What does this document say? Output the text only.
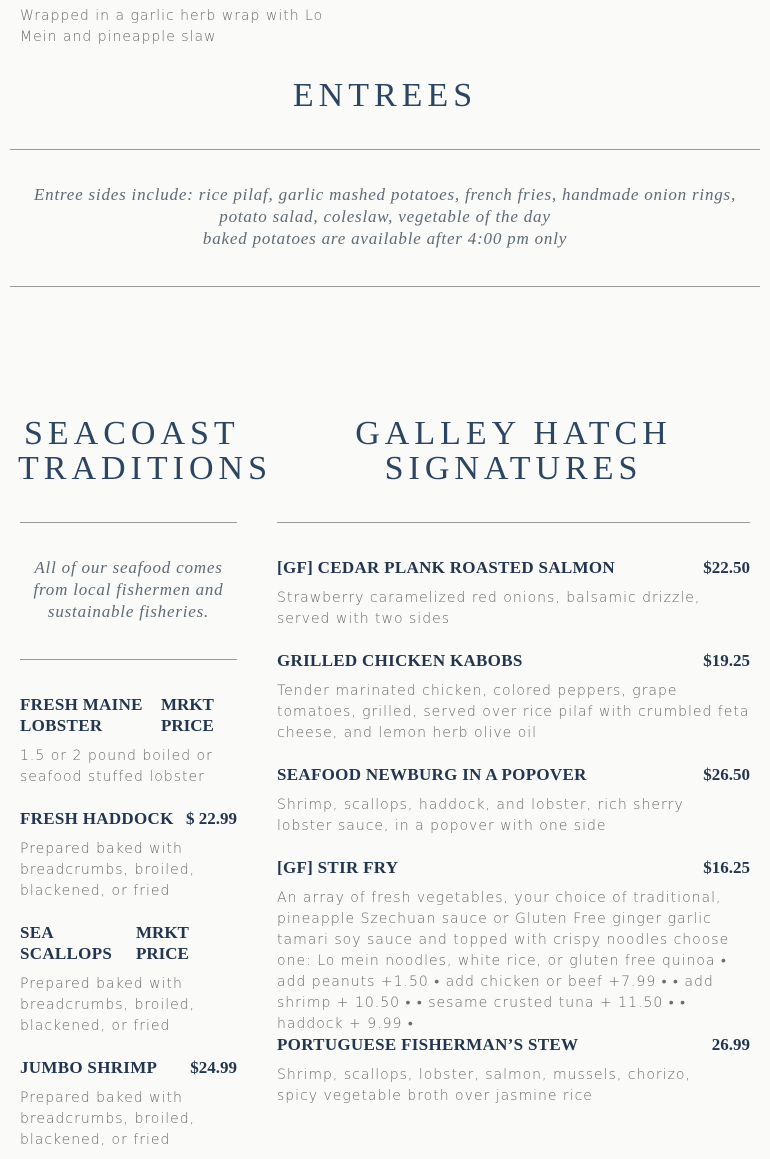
Wrapped in a garlic herb wrap with Lo Mein and pineapple slaw
ENTREES
Entree sides include: rice pilaf, garlic mashed potatoes, french fries, handmade onion rings, potato salad, coleslaw, vegetable of the day
baked potatoes are available after 4:00 pm only
SEACOAST
TRADITIONS
All of our seafood comes from local fishermen and sustainable fisheries.
FRESH MAINE LOBSTER
MRKT PRICE
1.5 or 2 pound boiled or seafood stuffed lobster
FRESH HADDOCK $ 22.99
Prepared baked with breadcrumbs, broiled, blackened, or fried
SEA SCALLOPS
MRKT PRICE
Prepared baked with breadcrumbs, broiled, blackened, or fried
JUMBO SHRIMP $24.99
Prepared baked with breadcrumbs, broiled, blackened, or fried
GALLEY HATCH
SIGNATURES
[GF] CEDAR PLANK ROASTED SALMON	$22.50
Strawberry caramelized red onions, balsamic drizzle, served with two sides
GRILLED CHICKEN KABOBS	$19.25
Tender marinated chicken, colored peppers, grape tomatoes, grilled, served over rice pilaf with crumbled feta cheese, and lemon herb olive oil
SEAFOOD NEWBURG IN A POPOVER	$26.50
Shrimp, scallops, haddock, and lobster, rich sherry lobster sauce, in a popover with one side
[GF] STIR FRY	$16.25
An array of fresh vegetables, your choice of traditional, pineapple Szechuan sauce or Gluten Free ginger garlic tamari soy sauce and topped with crispy noodles choose one: Lo mein noodles, white rice, or gluten free quinoa • add peanuts +1.50 • add chicken or beef +7.99 • • add shrimp + 10.50 • • sesame crusted tuna + 11.50 • • haddock + 9.99 •
PORTUGUESE FISHERMAN’S STEW	26.99
Shrimp, scallops, lobster, salmon, mussels, chorizo, spicy vegetable broth over jasmine rice
